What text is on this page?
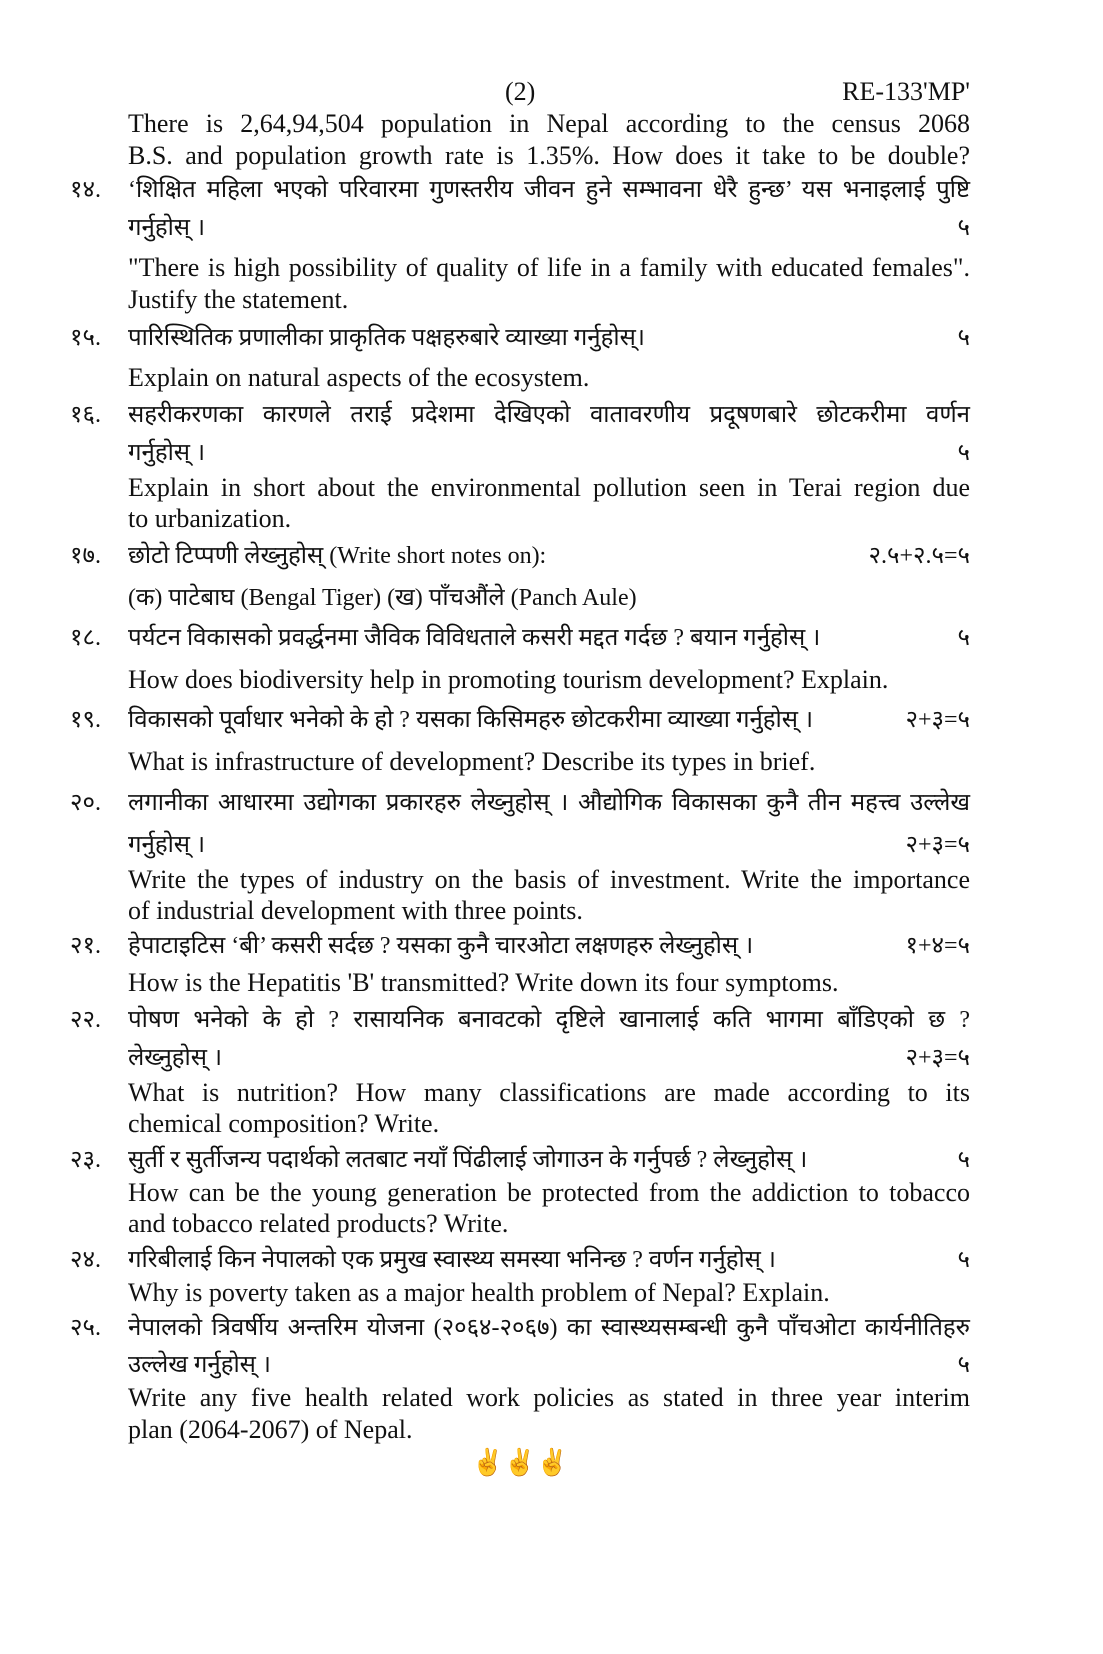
(2)	RE-133'MP'
There is 2,64,94,504 population in Nepal according to the census 2068
B.S. and population growth rate is 1.35%. How does it take to be double?
१४. ‘शिक्षित महिला भएको परिवारमा गुणस्तरीय जीवन हुने सम्भावना धेरै हुन्छ’ यस भनाइलाई पुष्टि
गर्नुहोस् ।	५
"There is high possibility of quality of life in a family with educated females".
Justify the statement.
१५. पारिस्थितिक प्रणालीका प्राकृतिक पक्षहरुबारे व्याख्या गर्नुहोस्।	५
Explain on natural aspects of the ecosystem.
१६. सहरीकरणका कारणले तराई प्रदेशमा देखिएको वातावरणीय प्रदूषणबारे छोटकरीमा वर्णन
गर्नुहोस् ।	५
Explain in short about the environmental pollution seen in Terai region due
to urbanization.
१७. छोटो टिप्पणी लेख्नुहोस् (Write short notes on):
(क) पाटेबाघ (Bengal Tiger) (ख) पाँचऔंले (Panch Aule)
२.५+२.५=५
१८. पर्यटन विकासको प्रवर्द्धनमा जैविक विविधताले कसरी मद्दत गर्दछ ? बयान गर्नुहोस् ।	५
How does biodiversity help in promoting tourism development? Explain.
१९. विकासको पूर्वाधार भनेको के हो ? यसका किसिमहरु छोटकरीमा व्याख्या गर्नुहोस् ।	२+३=५
What is infrastructure of development? Describe its types in brief.
२०. लगानीका आधारमा उद्योगका प्रकारहरु लेख्नुहोस् । औद्योगिक विकासका कुनै तीन महत्त्व उल्लेख
गर्नुहोस् ।	२+३=५
Write the types of industry on the basis of investment. Write the importance
of industrial development with three points.
२१. हेपाटाइटिस ‘बी’ कसरी सर्दछ ? यसका कुनै चारओटा लक्षणहरु लेख्नुहोस् ।	१+४=५
How is the Hepatitis 'B' transmitted? Write down its four symptoms.
२२. पोषण भनेको के हो ? रासायनिक बनावटको दृष्टिले खानालाई कति भागमा बाँडिएको छ ?
लेख्नुहोस् ।	२+३=५
What is nutrition? How many classifications are made according to its
chemical composition? Write.
२३. सुर्ती र सुर्तीजन्य पदार्थको लतबाट नयाँ पिंढीलाई जोगाउन के गर्नुपर्छ ? लेख्नुहोस् ।	५
How can be the young generation be protected from the addiction to tobacco
and tobacco related products? Write.
२४. गरिबीलाई किन नेपालको एक प्रमुख स्वास्थ्य समस्या भनिन्छ ? वर्णन गर्नुहोस् ।	५
Why is poverty taken as a major health problem of Nepal? Explain.
२५. नेपालको त्रिवर्षीय अन्तरिम योजना (२०६४-२०६७) का स्वास्थ्यसम्बन्धी कुनै पाँचओटा कार्यनीतिहरु
उल्लेख गर्नुहोस् ।	५
Write any five health related work policies as stated in three year interim
plan (2064-2067) of Nepal.
✌✌✌
